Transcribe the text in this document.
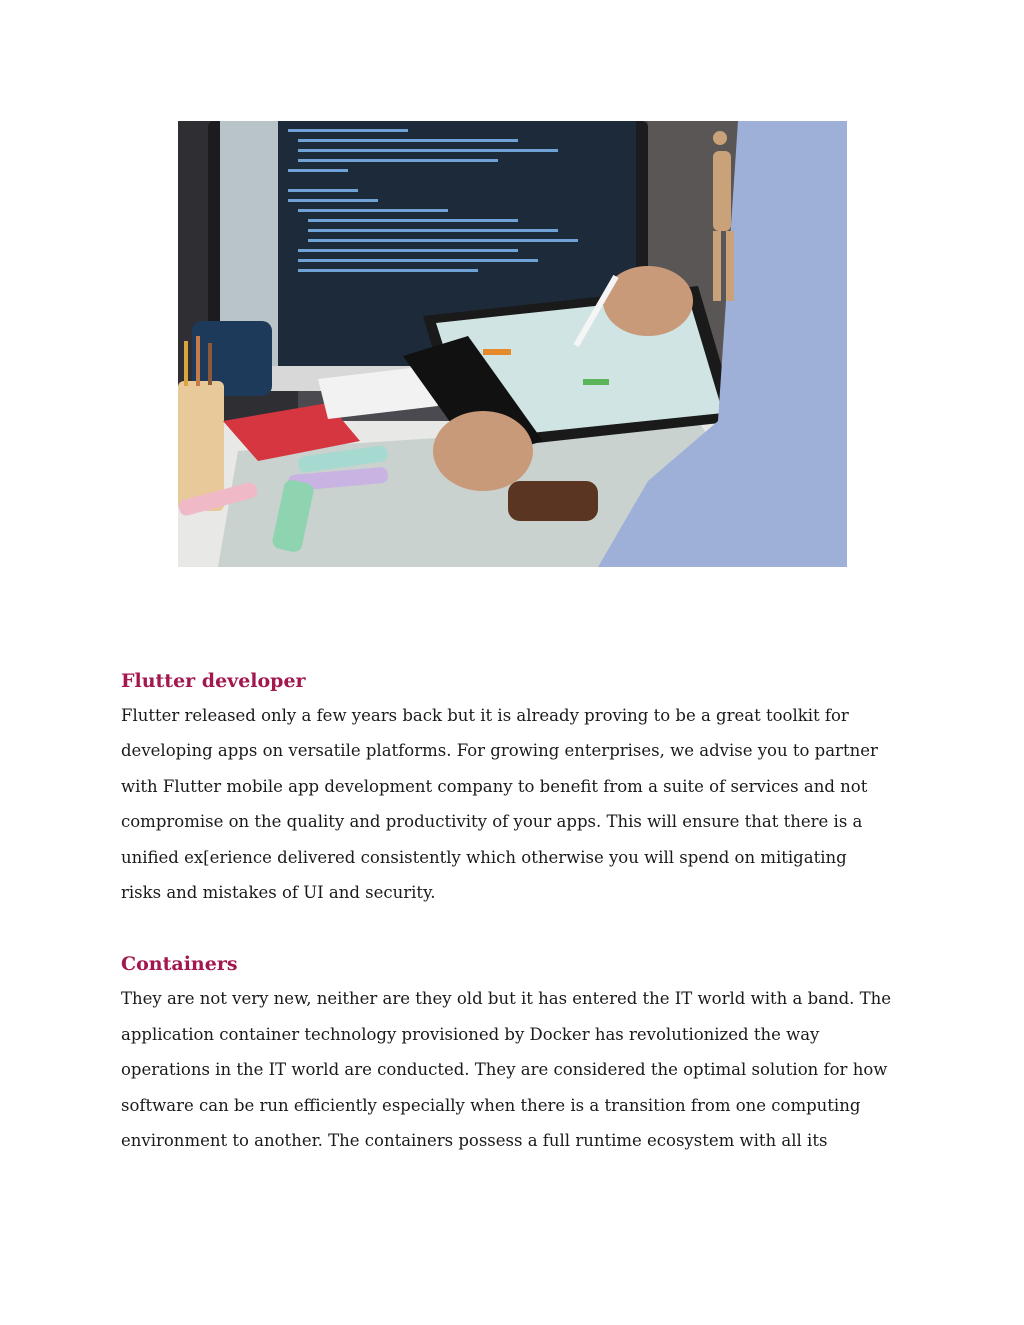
Flutter developer

Flutter released only a few years back but it is already proving to be a great toolkit for

developing apps on versatile platforms. For growing enterprises, we advise you to partner

with Flutter mobile app development company to benefit from a suite of services and not

compromise on the quality and productivity of your apps. This will ensure that there is a

unified ex[erience delivered consistently which otherwise you will spend on mitigating

risks and mistakes of UI and security.

Containers

They are not very new, neither are they old but it has entered the IT world with a band. The

application container technology provisioned by Docker has revolutionized the way

operations in the IT world are conducted. They are considered the optimal solution for how

software can be run efficiently especially when there is a transition from one computing

environment to another. The containers possess a full runtime ecosystem with all its
